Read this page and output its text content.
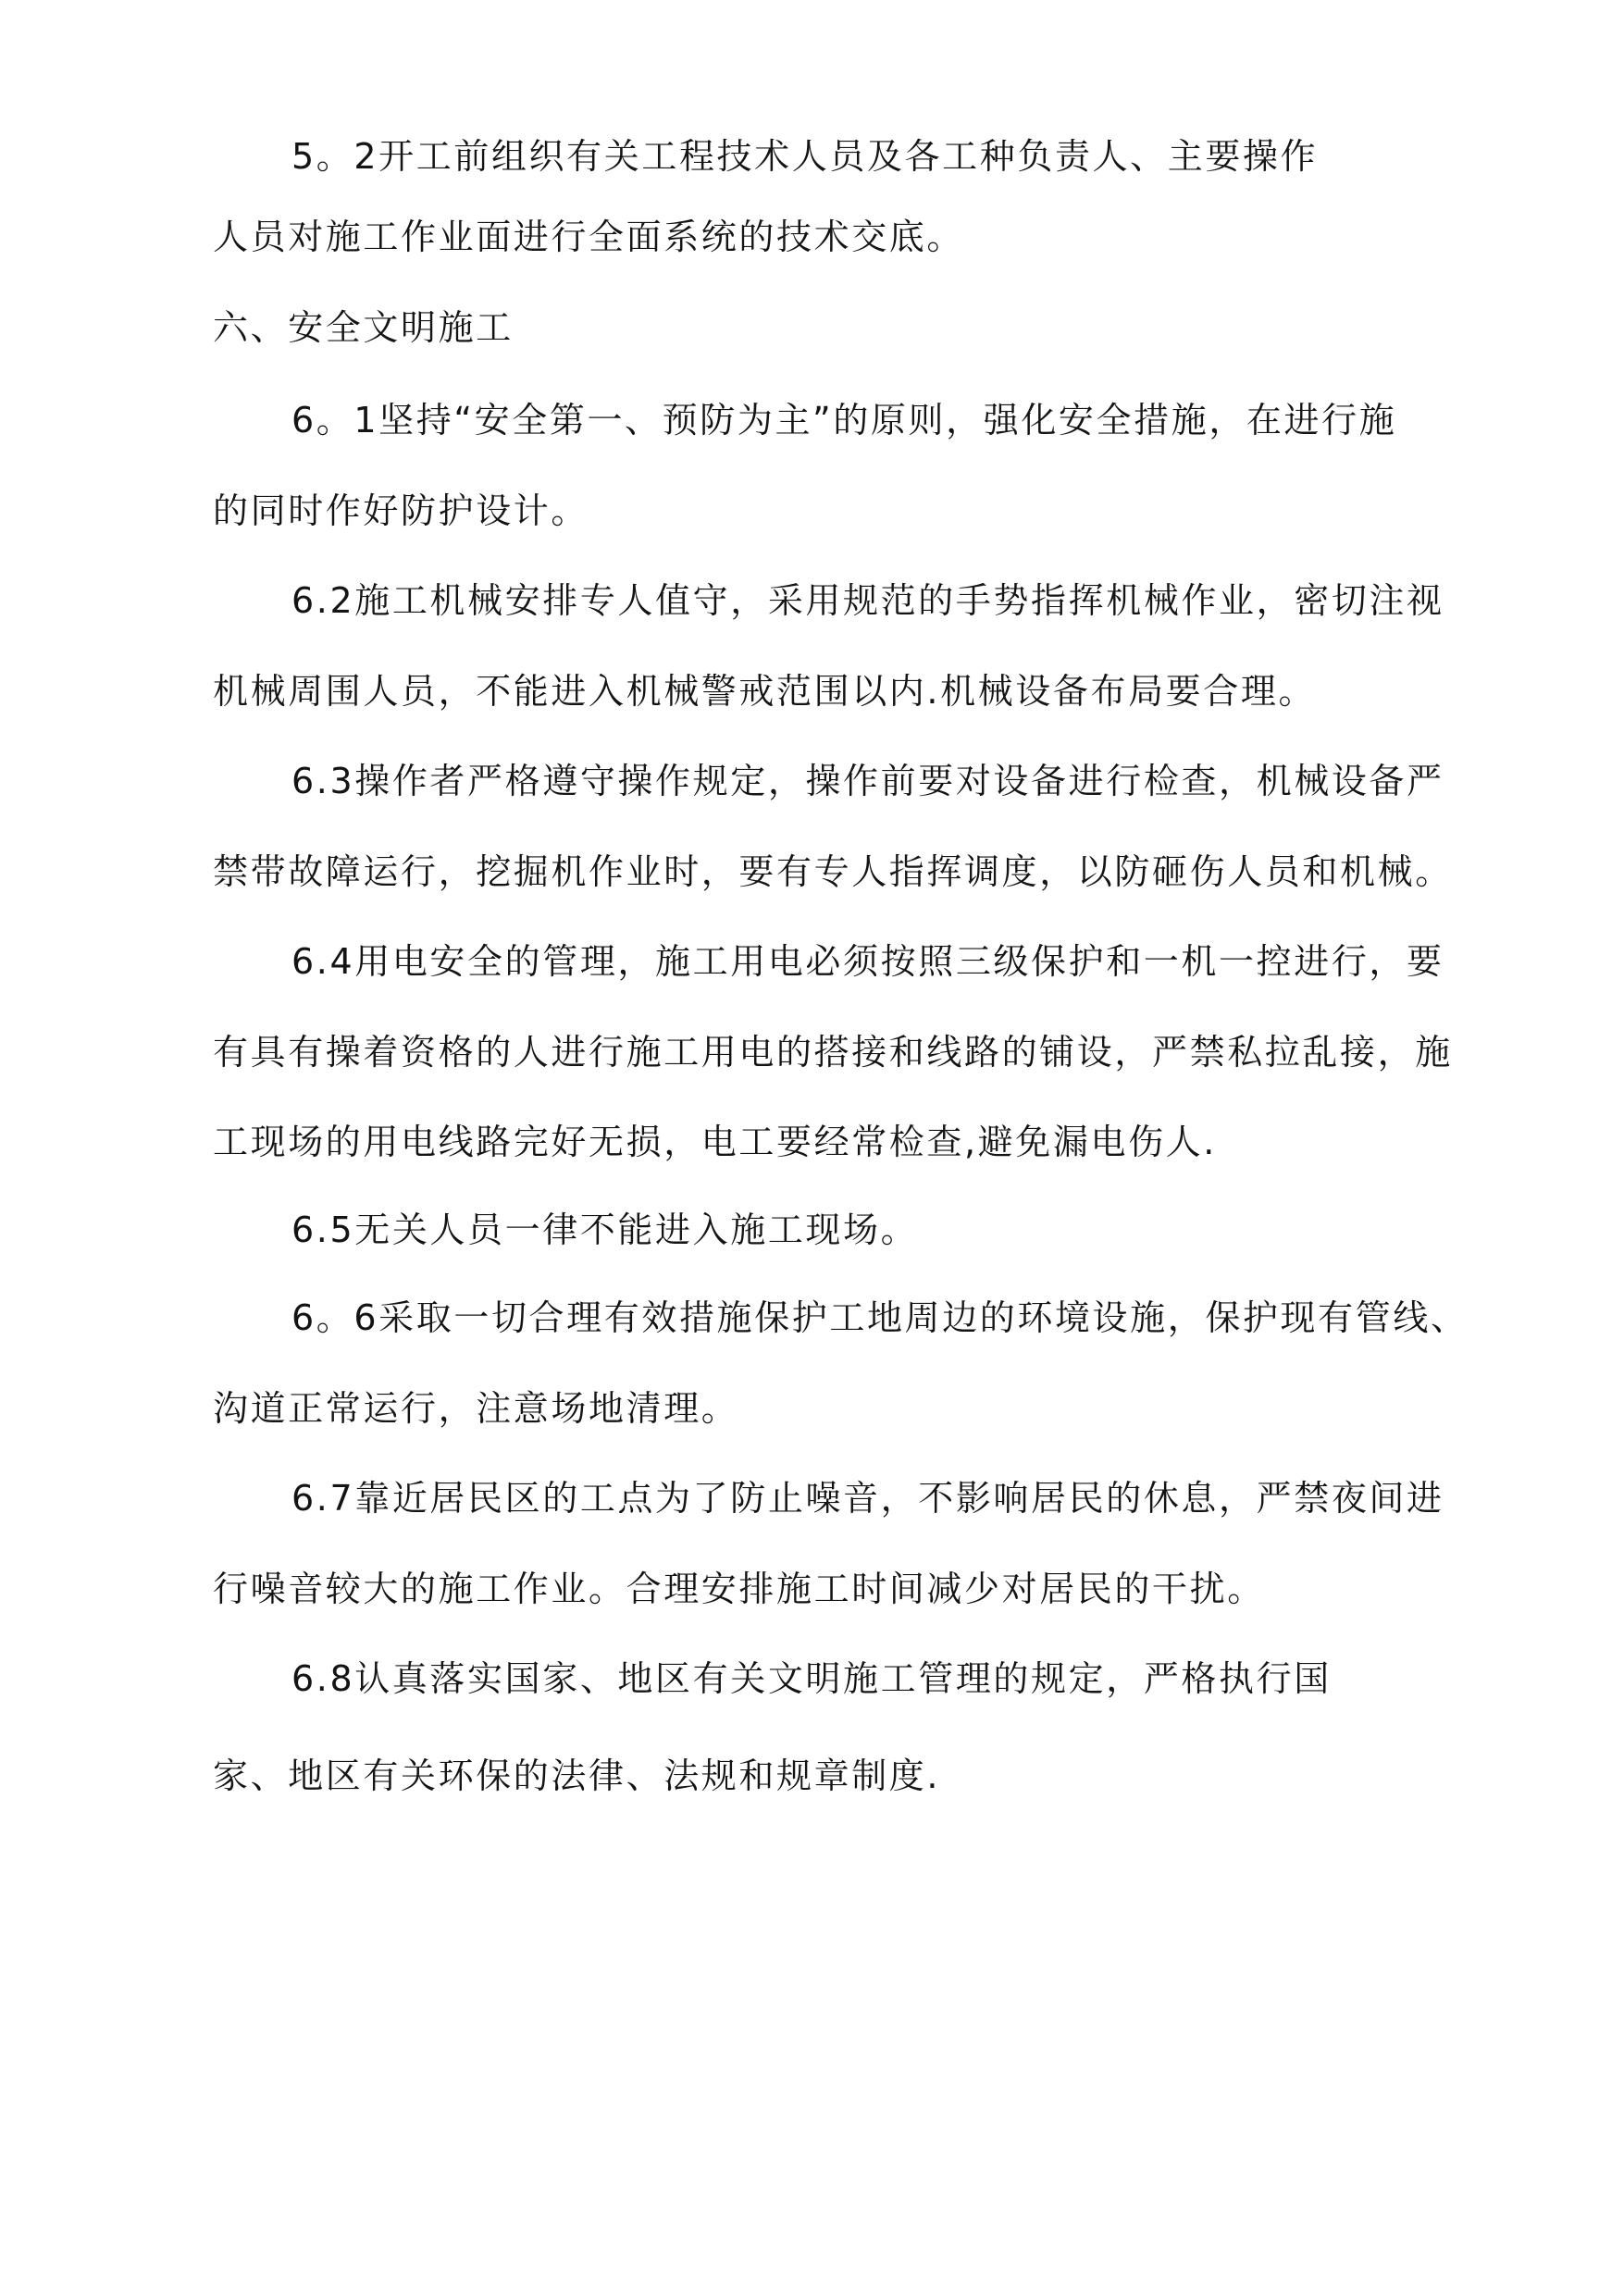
5。2开工前组织有关工程技术人员及各工种负责人、主要操作

人员对施工作业面进行全面系统的技术交底。

六、安全文明施工

6。1坚持“安全第一、预防为主”的原则，强化安全措施，在进行施

的同时作好防护设计。

6.2施工机械安排专人值守，采用规范的手势指挥机械作业，密切注视

机械周围人员，不能进入机械警戒范围以内.机械设备布局要合理。

6.3操作者严格遵守操作规定，操作前要对设备进行检查，机械设备严

禁带故障运行，挖掘机作业时，要有专人指挥调度，以防砸伤人员和机械。

6.4用电安全的管理，施工用电必须按照三级保护和一机一控进行，要

有具有操着资格的人进行施工用电的搭接和线路的铺设，严禁私拉乱接，施

工现场的用电线路完好无损，电工要经常检查,避免漏电伤人.

6.5无关人员一律不能进入施工现场。

6。6采取一切合理有效措施保护工地周边的环境设施，保护现有管线、

沟道正常运行，注意场地清理。

6.7靠近居民区的工点为了防止噪音，不影响居民的休息，严禁夜间进

行噪音较大的施工作业。合理安排施工时间减少对居民的干扰。

6.8认真落实国家、地区有关文明施工管理的规定，严格执行国

家、地区有关环保的法律、法规和规章制度.
